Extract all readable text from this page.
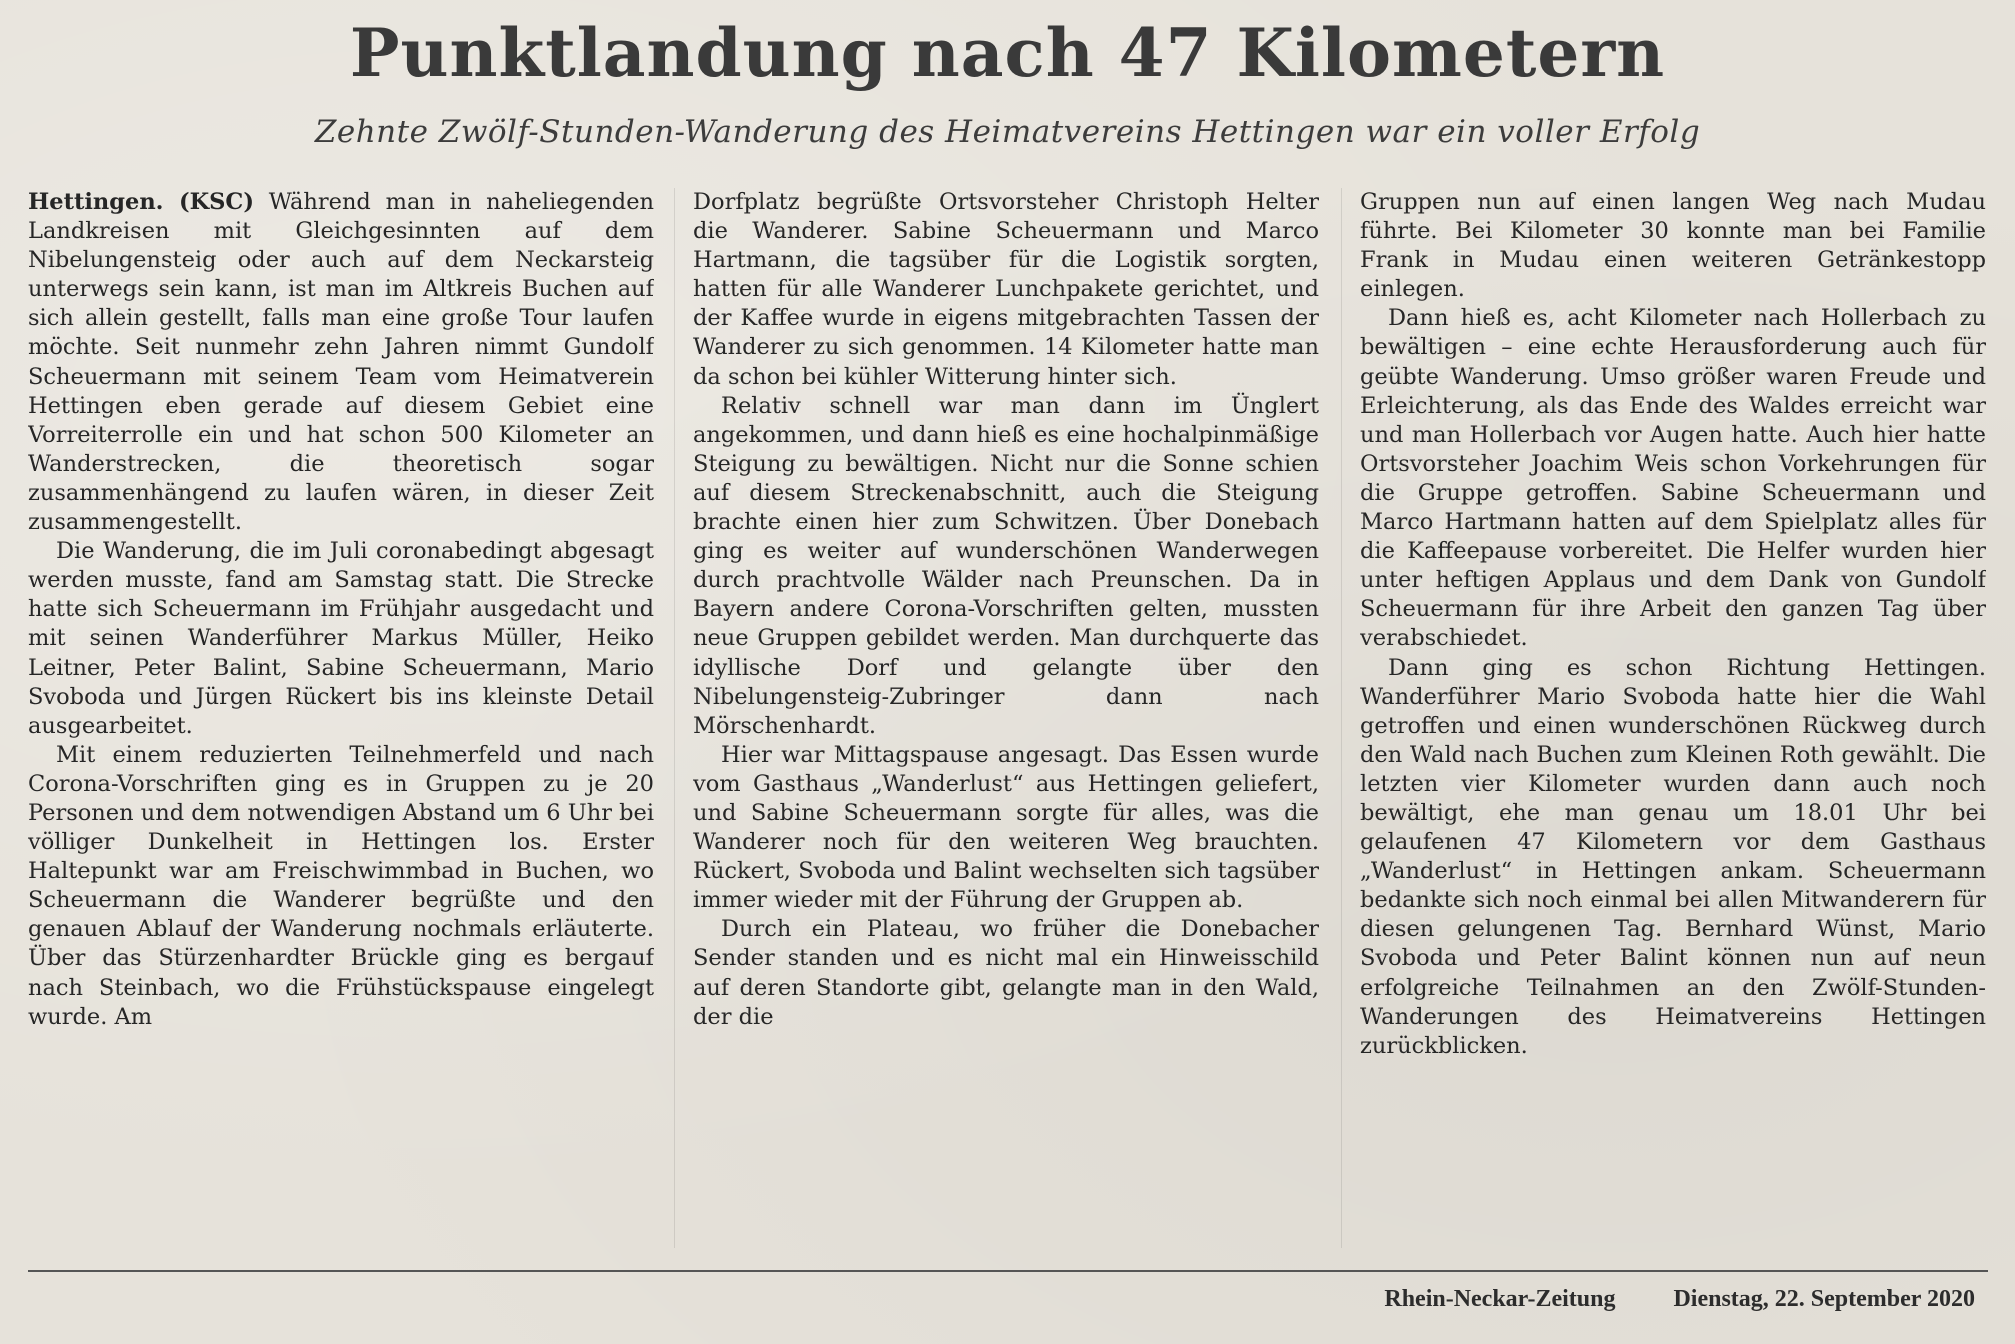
Punktlandung nach 47 Kilometern
Zehnte Zwölf-Stunden-Wanderung des Heimatvereins Hettingen war ein voller Erfolg

Hettingen. (KSC) Während man in naheliegenden Landkreisen mit Gleichgesinnten auf dem Nibelungensteig oder auch auf dem Neckarsteig unterwegs sein kann, ist man im Altkreis Buchen auf sich allein gestellt, falls man eine große Tour laufen möchte. Seit nunmehr zehn Jahren nimmt Gundolf Scheuermann mit seinem Team vom Heimatverein Hettingen eben gerade auf diesem Gebiet eine Vorreiterrolle ein und hat schon 500 Kilometer an Wanderstrecken, die theoretisch sogar zusammenhängend zu laufen wären, in dieser Zeit zusammengestellt.

Die Wanderung, die im Juli coronabedingt abgesagt werden musste, fand am Samstag statt. Die Strecke hatte sich Scheuermann im Frühjahr ausgedacht und mit seinen Wanderführer Markus Müller, Heiko Leitner, Peter Balint, Sabine Scheuermann, Mario Svoboda und Jürgen Rückert bis ins kleinste Detail ausgearbeitet.

Mit einem reduzierten Teilnehmerfeld und nach Corona-Vorschriften ging es in Gruppen zu je 20 Personen und dem notwendigen Abstand um 6 Uhr bei völliger Dunkelheit in Hettingen los. Erster Haltepunkt war am Freischwimmbad in Buchen, wo Scheuermann die Wanderer begrüßte und den genauen Ablauf der Wanderung nochmals erläuterte. Über das Stürzenhardter Brückle ging es bergauf nach Steinbach, wo die Frühstückspause eingelegt wurde. Am

Dorfplatz begrüßte Ortsvorsteher Christoph Helter die Wanderer. Sabine Scheuermann und Marco Hartmann, die tagsüber für die Logistik sorgten, hatten für alle Wanderer Lunchpakete gerichtet, und der Kaffee wurde in eigens mitgebrachten Tassen der Wanderer zu sich genommen. 14 Kilometer hatte man da schon bei kühler Witterung hinter sich.

Relativ schnell war man dann im Ünglert angekommen, und dann hieß es eine hochalpinmäßige Steigung zu bewältigen. Nicht nur die Sonne schien auf diesem Streckenabschnitt, auch die Steigung brachte einen hier zum Schwitzen. Über Donebach ging es weiter auf wunderschönen Wanderwegen durch prachtvolle Wälder nach Preunschen. Da in Bayern andere Corona-Vorschriften gelten, mussten neue Gruppen gebildet werden. Man durchquerte das idyllische Dorf und gelangte über den Nibelungensteig-Zubringer dann nach Mörschenhardt.

Hier war Mittagspause angesagt. Das Essen wurde vom Gasthaus „Wanderlust“ aus Hettingen geliefert, und Sabine Scheuermann sorgte für alles, was die Wanderer noch für den weiteren Weg brauchten. Rückert, Svoboda und Balint wechselten sich tagsüber immer wieder mit der Führung der Gruppen ab.

Durch ein Plateau, wo früher die Donebacher Sender standen und es nicht mal ein Hinweisschild auf deren Standorte gibt, gelangte man in den Wald, der die

Gruppen nun auf einen langen Weg nach Mudau führte. Bei Kilometer 30 konnte man bei Familie Frank in Mudau einen weiteren Getränkestopp einlegen.

Dann hieß es, acht Kilometer nach Hollerbach zu bewältigen – eine echte Herausforderung auch für geübte Wanderung. Umso größer waren Freude und Erleichterung, als das Ende des Waldes erreicht war und man Hollerbach vor Augen hatte. Auch hier hatte Ortsvorsteher Joachim Weis schon Vorkehrungen für die Gruppe getroffen. Sabine Scheuermann und Marco Hartmann hatten auf dem Spielplatz alles für die Kaffeepause vorbereitet. Die Helfer wurden hier unter heftigen Applaus und dem Dank von Gundolf Scheuermann für ihre Arbeit den ganzen Tag über verabschiedet.

Dann ging es schon Richtung Hettingen. Wanderführer Mario Svoboda hatte hier die Wahl getroffen und einen wunderschönen Rückweg durch den Wald nach Buchen zum Kleinen Roth gewählt. Die letzten vier Kilometer wurden dann auch noch bewältigt, ehe man genau um 18.01 Uhr bei gelaufenen 47 Kilometern vor dem Gasthaus „Wanderlust“ in Hettingen ankam. Scheuermann bedankte sich noch einmal bei allen Mitwanderern für diesen gelungenen Tag. Bernhard Wünst, Mario Svoboda und Peter Balint können nun auf neun erfolgreiche Teilnahmen an den Zwölf-Stunden-Wanderungen des Heimatvereins Hettingen zurückblicken.

Rhein-Neckar-Zeitung Dienstag, 22. September 2020
